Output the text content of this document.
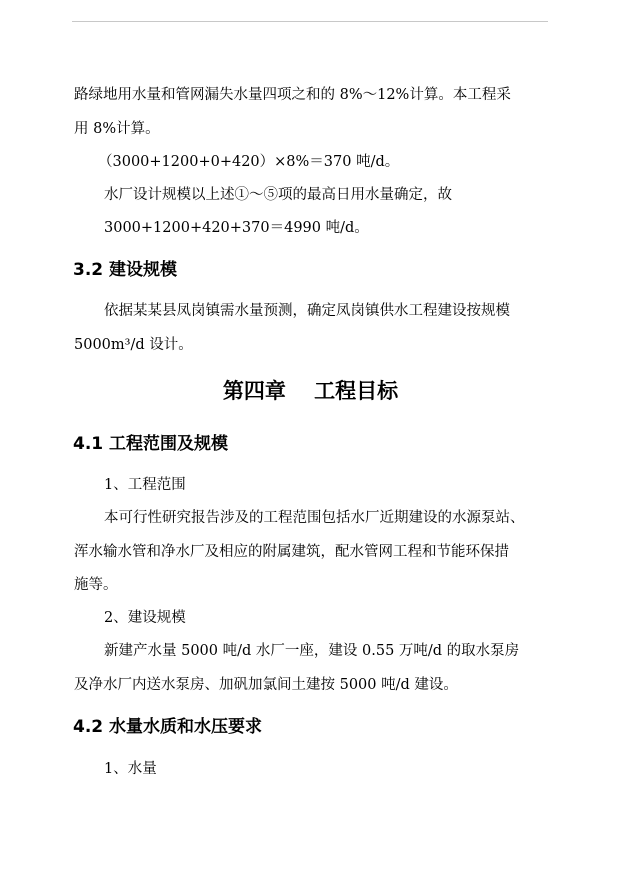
路绿地用水量和管网漏失水量四项之和的 8%～12%计算。本工程采
用 8%计算。
（3000+1200+0+420）×8%＝370 吨/d。
水厂设计规模以上述①～⑤项的最高日用水量确定，故
3000+1200+420+370＝4990 吨/d。
3.2 建设规模
依据某某县凤岗镇需水量预测，确定凤岗镇供水工程建设按规模
5000m³/d 设计。
第四章　 工程目标
4.1 工程范围及规模
1、工程范围
本可行性研究报告涉及的工程范围包括水厂近期建设的水源泵站、
浑水输水管和净水厂及相应的附属建筑，配水管网工程和节能环保措
施等。
2、建设规模
新建产水量 5000 吨/d 水厂一座，建设 0.55 万吨/d 的取水泵房
及净水厂内送水泵房、加矾加氯间土建按 5000 吨/d 建设。
4.2 水量水质和水压要求
1、水量
